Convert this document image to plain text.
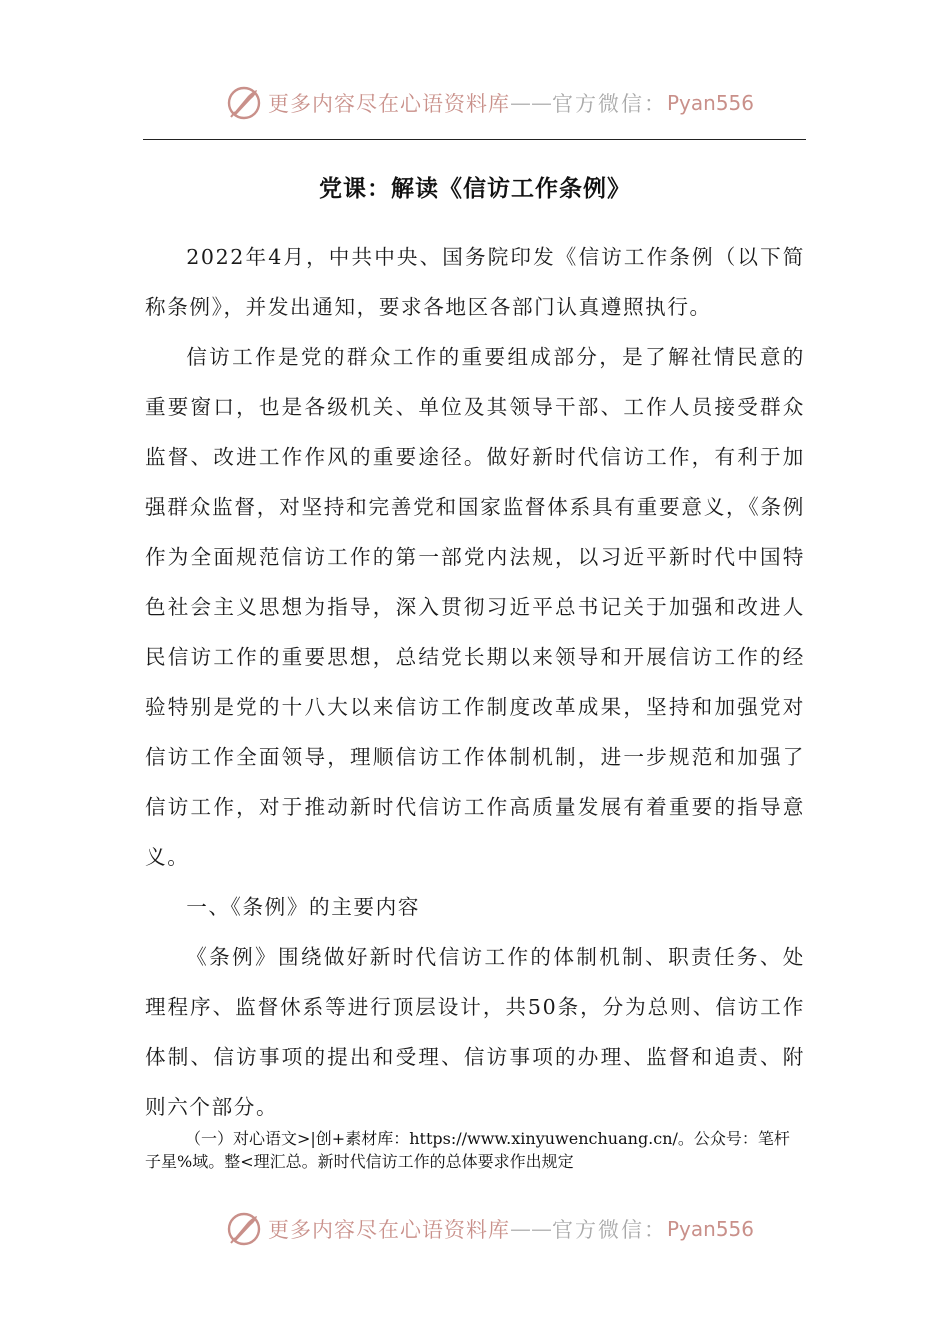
更多内容尽在心语资料库 —— 官方微信： Pyan556
党课：解读《信访工作条例》

2022年4月，中共中央、国务院印发《信访工作条例（以下简称条例》，并发出通知，要求各地区各部门认真遵照执行。

信访工作是党的群众工作的重要组成部分，是了解社情民意的重要窗口，也是各级机关、单位及其领导干部、工作人员接受群众监督、改进工作作风的重要途径。做好新时代信访工作，有利于加强群众监督，对坚持和完善党和国家监督体系具有重要意义，《条例作为全面规范信访工作的第一部党内法规，以习近平新时代中国特色社会主义思想为指导，深入贯彻习近平总书记关于加强和改进人民信访工作的重要思想，总结党长期以来领导和开展信访工作的经验特别是党的十八大以来信访工作制度改革成果，坚持和加强党对信访工作全面领导，理顺信访工作体制机制，进一步规范和加强了信访工作，对于推动新时代信访工作高质量发展有着重要的指导意义。

一、《条例》的主要内容

《条例》围绕做好新时代信访工作的体制机制、职责任务、处理程序、监督休系等进行顶层设计，共50条，分为总则、信访工作体制、信访事项的提出和受理、信访事项的办理、监督和追责、附则六个部分。

（一）对心语文>|创+素材库：https://www.xinyuwenchuang.cn/。公众号：笔杆子星%域。整<理汇总。新时代信访工作的总体要求作出规定
更多内容尽在心语资料库 —— 官方微信： Pyan556
